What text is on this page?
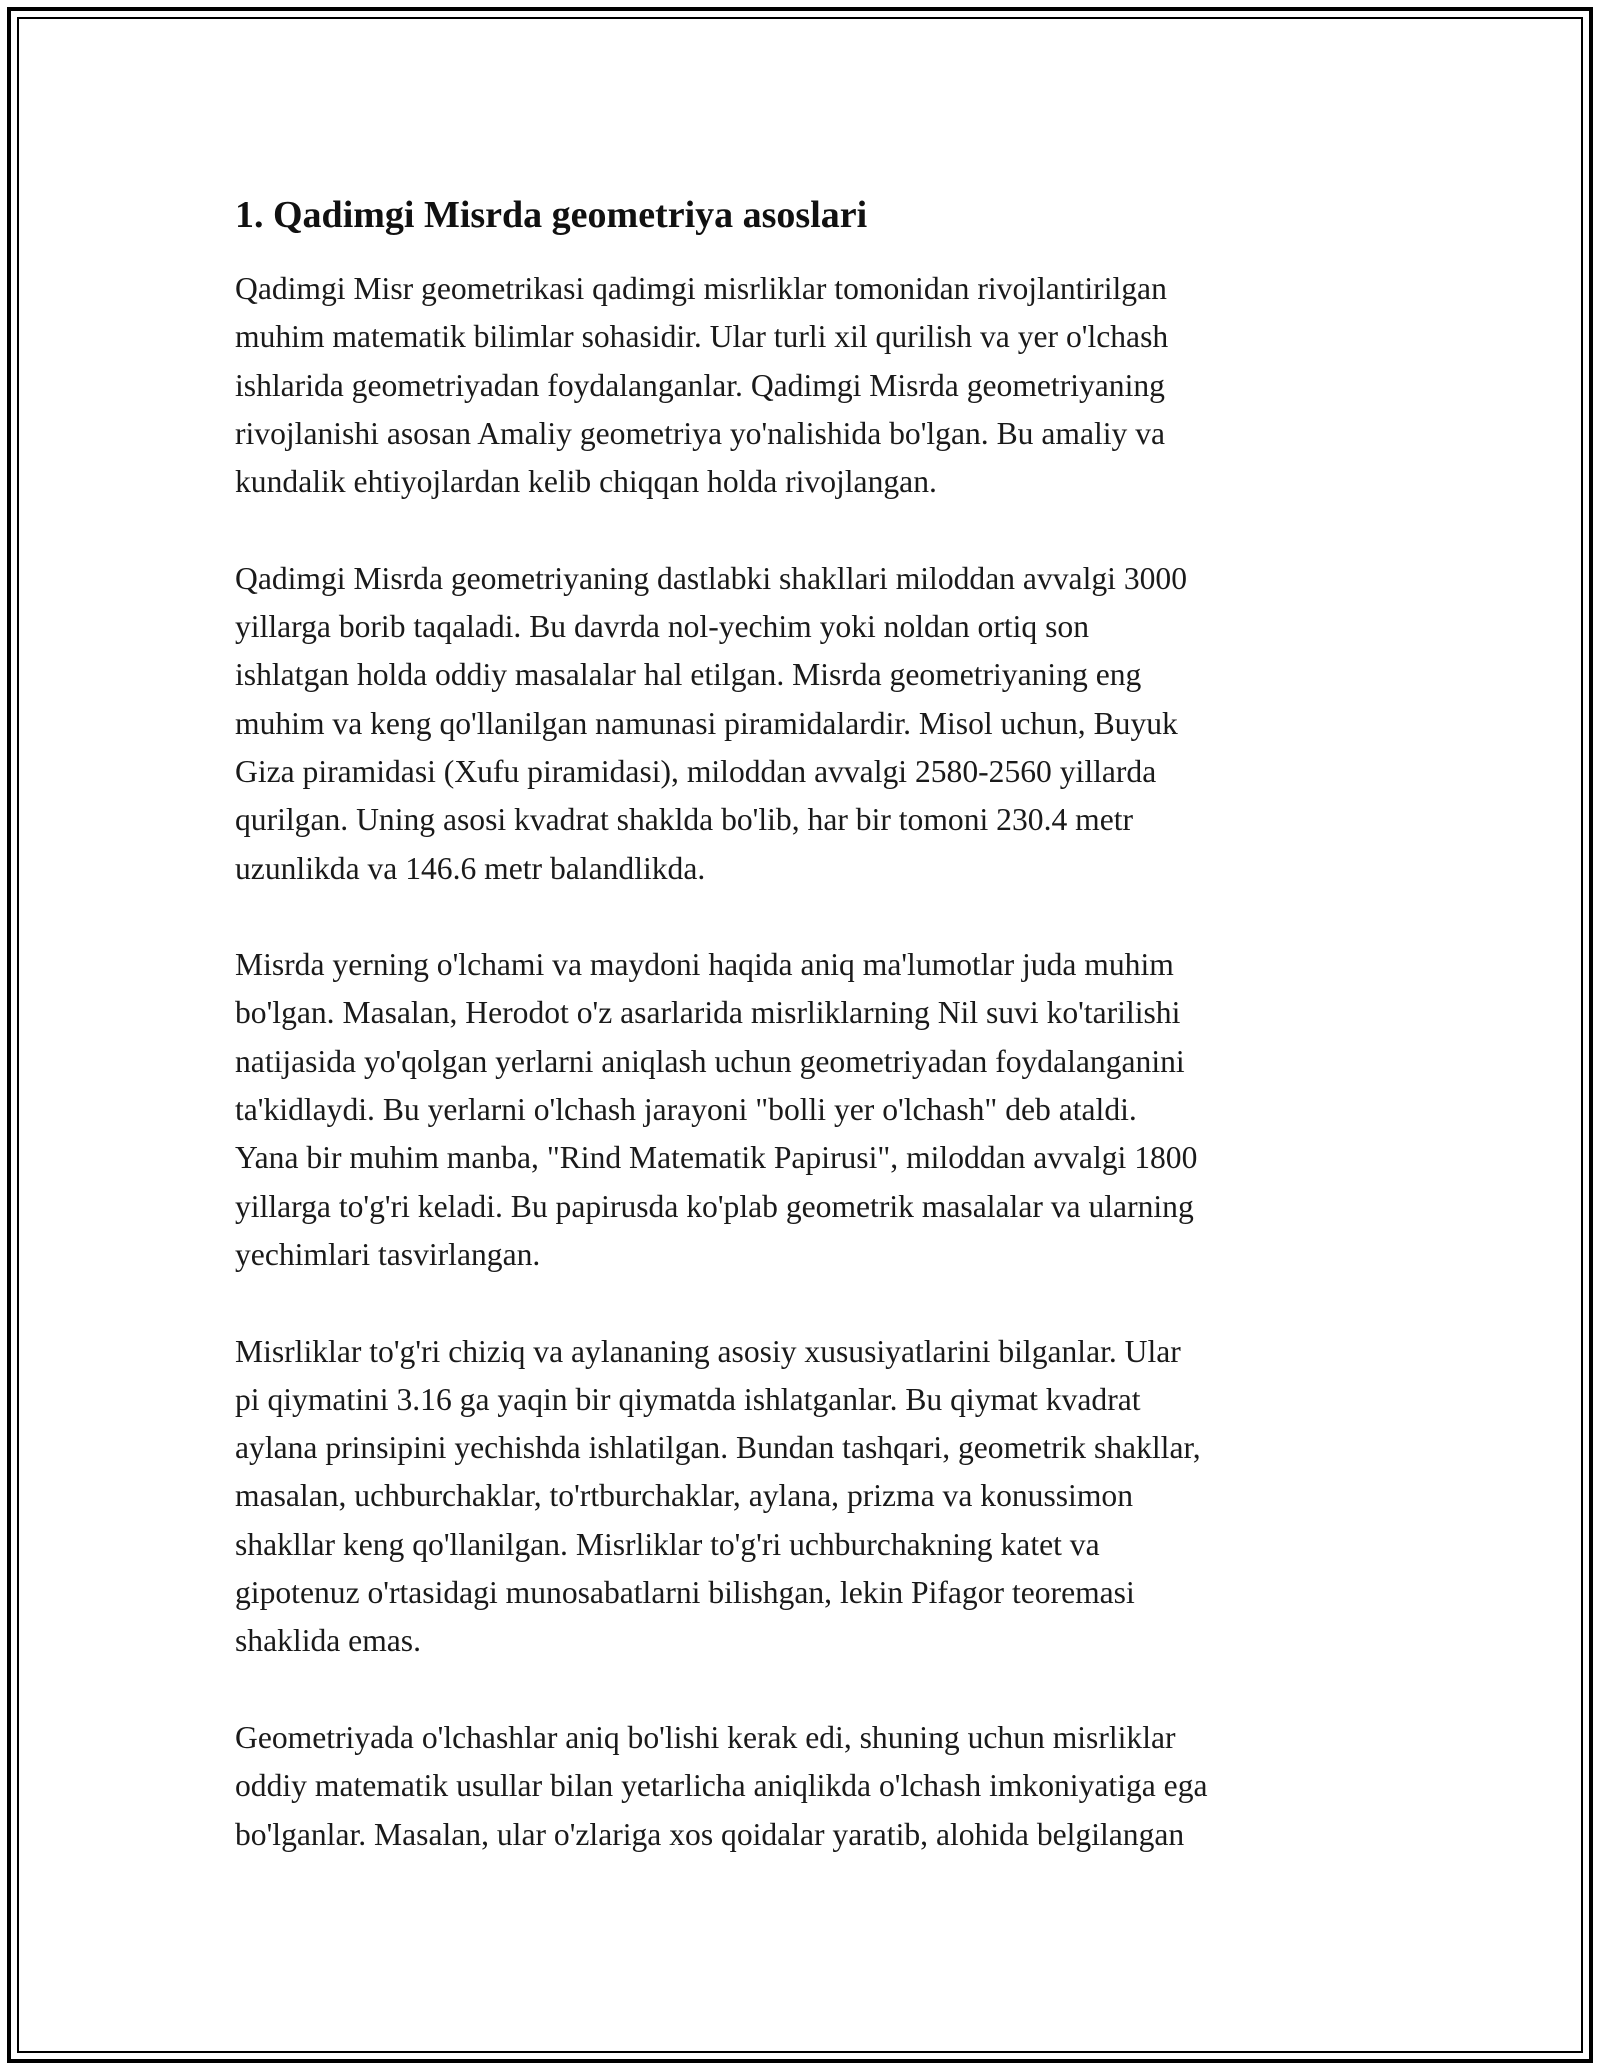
1. Qadimgi Misrda geometriya asoslari

Qadimgi Misr geometrikasi qadimgi misrliklar tomonidan rivojlantirilgan
muhim matematik bilimlar sohasidir. Ular turli xil qurilish va yer o'lchash
ishlarida geometriyadan foydalanganlar. Qadimgi Misrda geometriyaning
rivojlanishi asosan Amaliy geometriya yo'nalishida bo'lgan. Bu amaliy va
kundalik ehtiyojlardan kelib chiqqan holda rivojlangan.

Qadimgi Misrda geometriyaning dastlabki shakllari miloddan avvalgi 3000
yillarga borib taqaladi. Bu davrda nol-yechim yoki noldan ortiq son
ishlatgan holda oddiy masalalar hal etilgan. Misrda geometriyaning eng
muhim va keng qo'llanilgan namunasi piramidalardir. Misol uchun, Buyuk
Giza piramidasi (Xufu piramidasi), miloddan avvalgi 2580-2560 yillarda
qurilgan. Uning asosi kvadrat shaklda bo'lib, har bir tomoni 230.4 metr
uzunlikda va 146.6 metr balandlikda.

Misrda yerning o'lchami va maydoni haqida aniq ma'lumotlar juda muhim
bo'lgan. Masalan, Herodot o'z asarlarida misrliklarning Nil suvi ko'tarilishi
natijasida yo'qolgan yerlarni aniqlash uchun geometriyadan foydalanganini
ta'kidlaydi. Bu yerlarni o'lchash jarayoni "bolli yer o'lchash" deb ataldi.
Yana bir muhim manba, "Rind Matematik Papirusi", miloddan avvalgi 1800
yillarga to'g'ri keladi. Bu papirusda ko'plab geometrik masalalar va ularning
yechimlari tasvirlangan.

Misrliklar to'g'ri chiziq va aylananing asosiy xususiyatlarini bilganlar. Ular
pi qiymatini 3.16 ga yaqin bir qiymatda ishlatganlar. Bu qiymat kvadrat
aylana prinsipini yechishda ishlatilgan. Bundan tashqari, geometrik shakllar,
masalan, uchburchaklar, to'rtburchaklar, aylana, prizma va konussimon
shakllar keng qo'llanilgan. Misrliklar to'g'ri uchburchakning katet va
gipotenuz o'rtasidagi munosabatlarni bilishgan, lekin Pifagor teoremasi
shaklida emas.

Geometriyada o'lchashlar aniq bo'lishi kerak edi, shuning uchun misrliklar
oddiy matematik usullar bilan yetarlicha aniqlikda o'lchash imkoniyatiga ega
bo'lganlar. Masalan, ular o'zlariga xos qoidalar yaratib, alohida belgilangan
